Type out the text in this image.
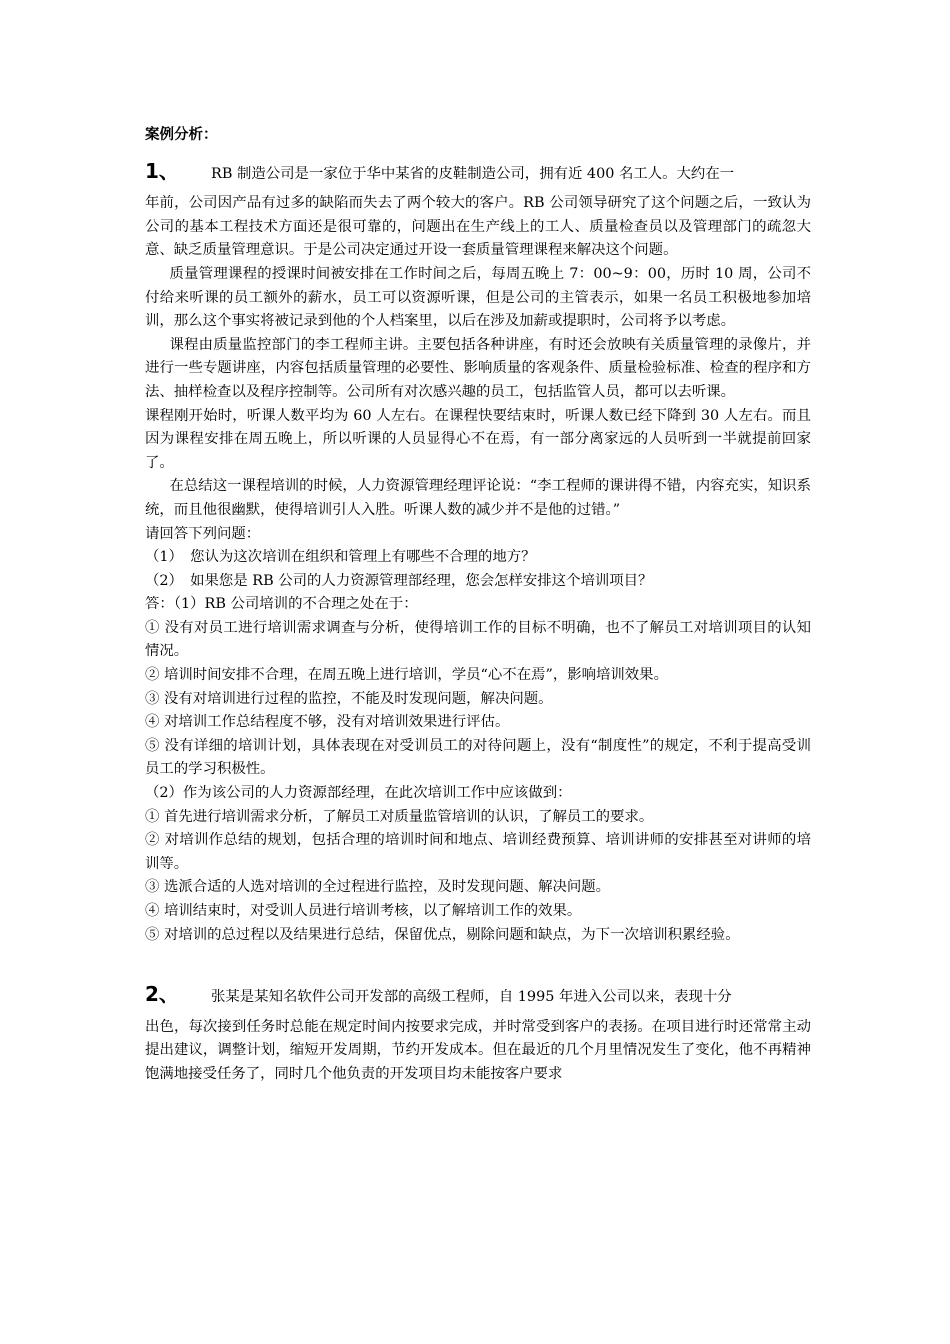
案例分析：
1、	RB 制造公司是一家位于华中某省的皮鞋制造公司，拥有近 400 名工人。大约在一

年前，公司因产品有过多的缺陷而失去了两个较大的客户。RB 公司领导研究了这个问题之后，一致认为公司的基本工程技术方面还是很可靠的，问题出在生产线上的工人、质量检查员以及管理部门的疏忽大意、缺乏质量管理意识。于是公司决定通过开设一套质量管理课程来解决这个问题。

质量管理课程的授课时间被安排在工作时间之后，每周五晚上 7：00~9：00，历时 10 周，公司不付给来听课的员工额外的薪水，员工可以资源听课，但是公司的主管表示，如果一名员工积极地参加培训，那么这个事实将被记录到他的个人档案里，以后在涉及加薪或提职时，公司将予以考虑。

课程由质量监控部门的李工程师主讲。主要包括各种讲座，有时还会放映有关质量管理的录像片，并进行一些专题讲座，内容包括质量管理的必要性、影响质量的客观条件、质量检验标准、检查的程序和方法、抽样检查以及程序控制等。公司所有对次感兴趣的员工，包括监管人员，都可以去听课。

课程刚开始时，听课人数平均为 60 人左右。在课程快要结束时，听课人数已经下降到 30 人左右。而且因为课程安排在周五晚上，所以听课的人员显得心不在焉，有一部分离家远的人员听到一半就提前回家了。

在总结这一课程培训的时候，人力资源管理经理评论说：“李工程师的课讲得不错，内容充实，知识系统，而且他很幽默，使得培训引人入胜。听课人数的减少并不是他的过错。”

请回答下列问题：

（1）　您认为这次培训在组织和管理上有哪些不合理的地方？

（2）　如果您是 RB 公司的人力资源管理部经理，您会怎样安排这个培训项目？

答：（1）RB 公司培训的不合理之处在于：

① 没有对员工进行培训需求调查与分析，使得培训工作的目标不明确，也不了解员工对培训项目的认知情况。

② 培训时间安排不合理，在周五晚上进行培训，学员“心不在焉”，影响培训效果。

③ 没有对培训进行过程的监控，不能及时发现问题，解决问题。

④ 对培训工作总结程度不够，没有对培训效果进行评估。

⑤ 没有详细的培训计划，具体表现在对受训员工的对待问题上，没有“制度性”的规定，不利于提高受训员工的学习积极性。

（2）作为该公司的人力资源部经理，在此次培训工作中应该做到：

① 首先进行培训需求分析，了解员工对质量监管培训的认识，了解员工的要求。

② 对培训作总结的规划，包括合理的培训时间和地点、培训经费预算、培训讲师的安排甚至对讲师的培训等。

③ 选派合适的人选对培训的全过程进行监控，及时发现问题、解决问题。

④ 培训结束时，对受训人员进行培训考核，以了解培训工作的效果。

⑤ 对培训的总过程以及结果进行总结，保留优点，剔除问题和缺点，为下一次培训积累经验。

2、	张某是某知名软件公司开发部的高级工程师，自 1995 年进入公司以来，表现十分

出色，每次接到任务时总能在规定时间内按要求完成，并时常受到客户的表扬。在项目进行时还常常主动提出建议，调整计划，缩短开发周期，节约开发成本。但在最近的几个月里情况发生了变化，他不再精神饱满地接受任务了，同时几个他负责的开发项目均未能按客户要求
